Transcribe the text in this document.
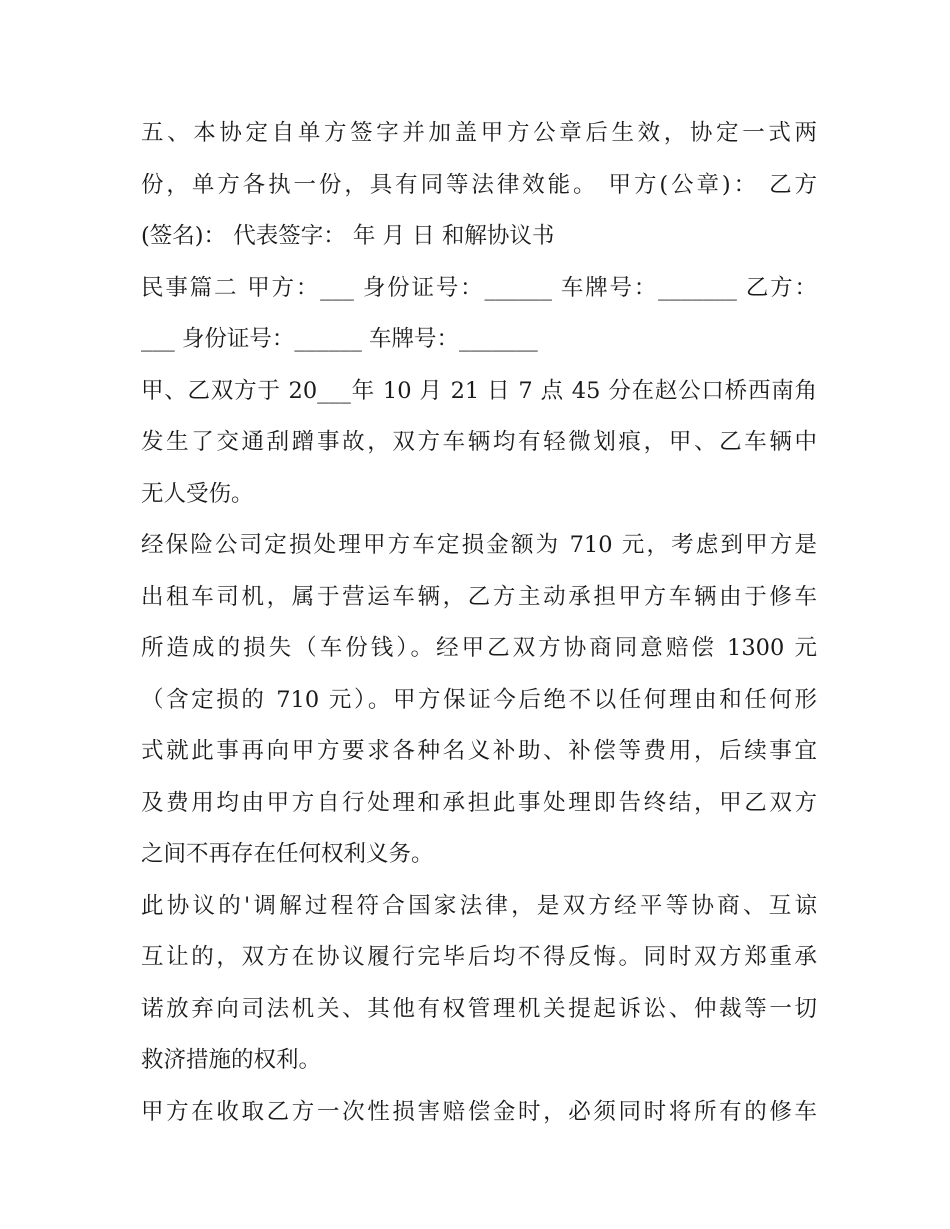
五、本协定自单方签字并加盖甲方公章后生效，协定一式两
份，单方各执一份，具有同等法律效能。 甲方(公章)： 乙方
(签名)： 代表签字： 年 月 日 和解协议书
民事篇二 甲方：___ 身份证号：______ 车牌号：_______ 乙方：
___ 身份证号：______ 车牌号：_______
甲、乙双方于 20___年 10 月 21 日 7 点 45 分在赵公口桥西南角
发生了交通刮蹭事故，双方车辆均有轻微划痕，甲、乙车辆中
无人受伤。
经保险公司定损处理甲方车定损金额为 710 元，考虑到甲方是
出租车司机，属于营运车辆，乙方主动承担甲方车辆由于修车
所造成的损失（车份钱）。经甲乙双方协商同意赔偿 1300 元
（含定损的 710 元）。甲方保证今后绝不以任何理由和任何形
式就此事再向甲方要求各种名义补助、补偿等费用，后续事宜
及费用均由甲方自行处理和承担此事处理即告终结，甲乙双方
之间不再存在任何权利义务。
此协议的'调解过程符合国家法律，是双方经平等协商、互谅
互让的，双方在协议履行完毕后均不得反悔。同时双方郑重承
诺放弃向司法机关、其他有权管理机关提起诉讼、仲裁等一切
救济措施的权利。
甲方在收取乙方一次性损害赔偿金时，必须同时将所有的修车
